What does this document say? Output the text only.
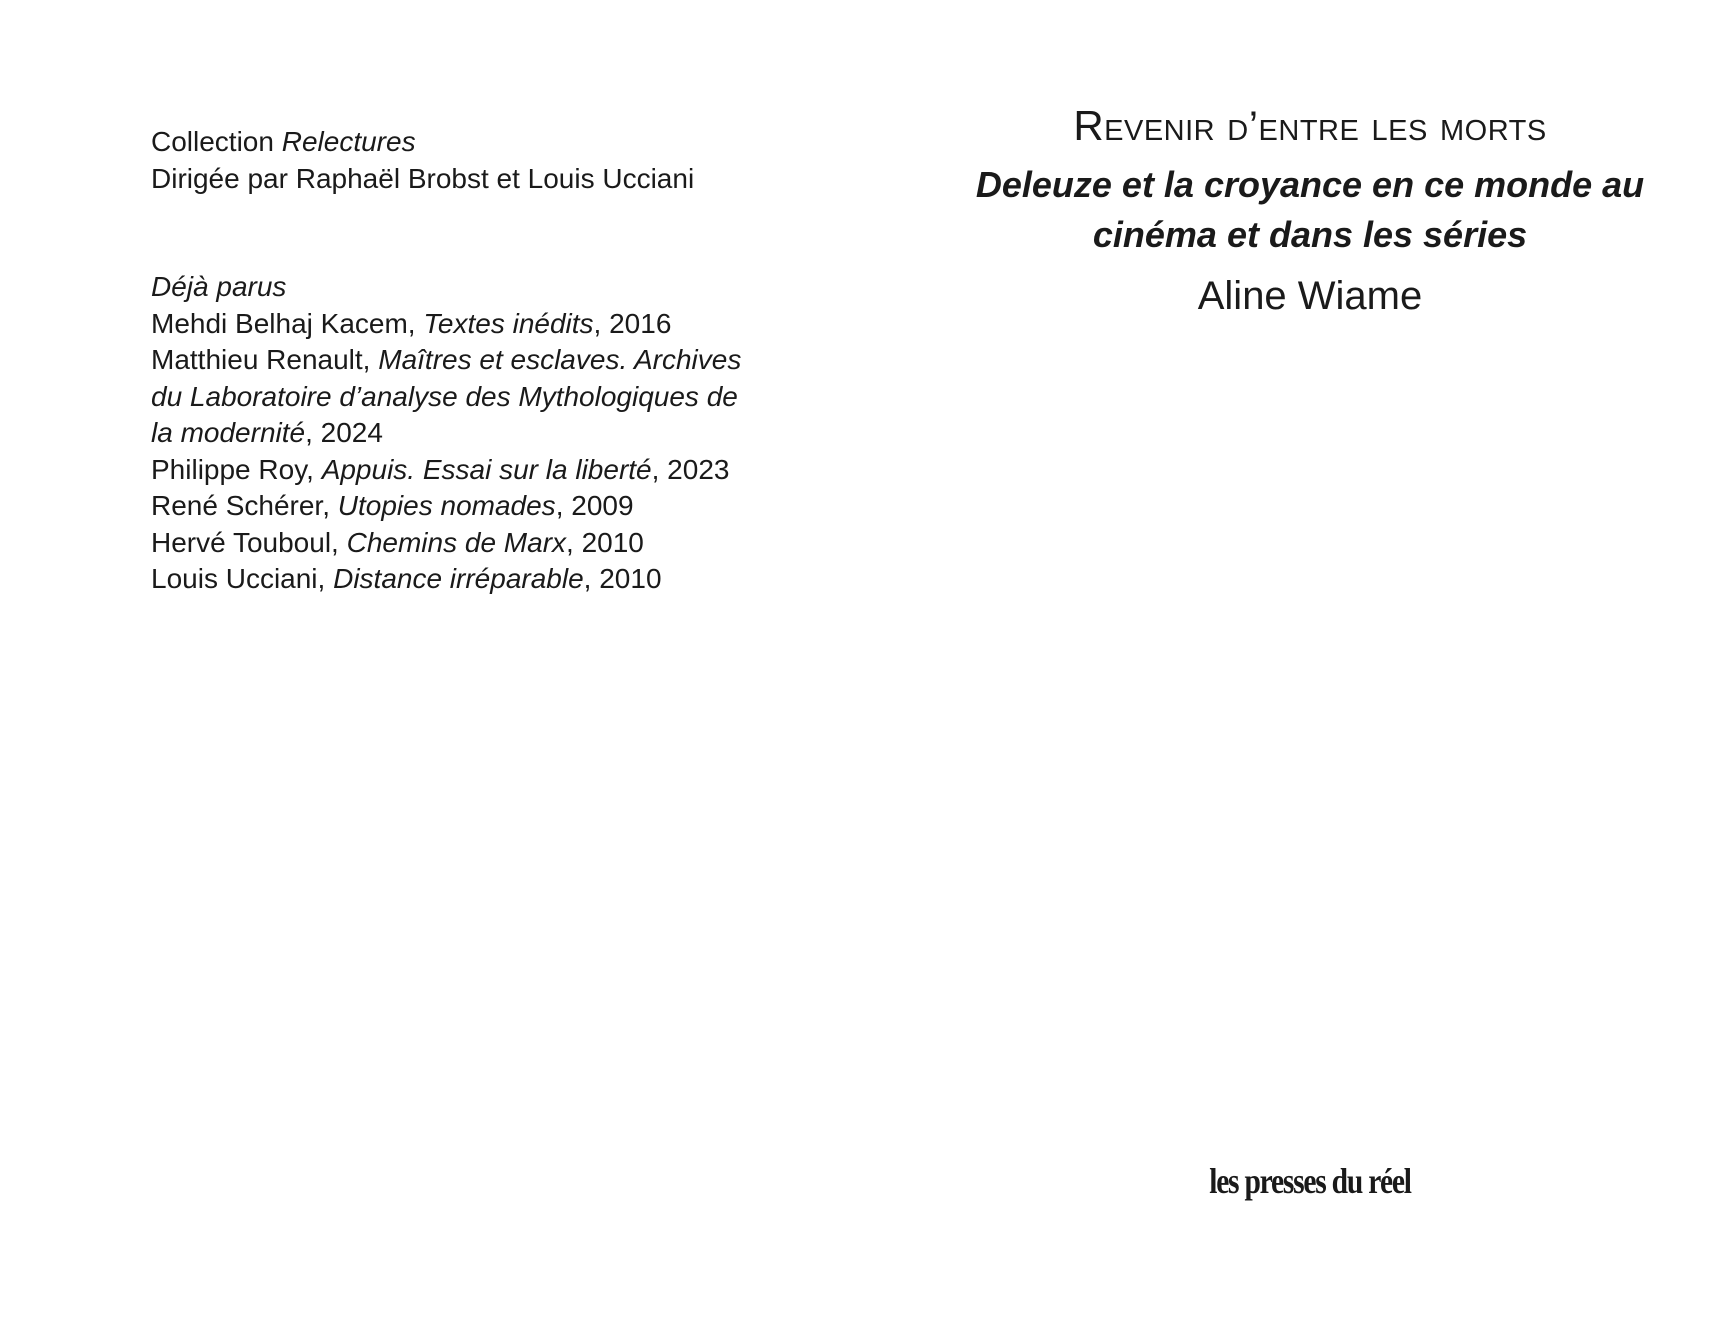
Collection Relectures
Dirigée par Raphaël Brobst et Louis Ucciani
Déjà parus
Mehdi Belhaj Kacem, Textes inédits, 2016
Matthieu Renault, Maîtres et esclaves. Archives du Laboratoire d’analyse des Mythologiques de la modernité, 2024
Philippe Roy, Appuis. Essai sur la liberté, 2023
René Schérer, Utopies nomades, 2009
Hervé Touboul, Chemins de Marx, 2010
Louis Ucciani, Distance irréparable, 2010
Revenir d’entre les morts
Deleuze et la croyance en ce monde au cinéma et dans les séries
Aline Wiame
les presses du réel
